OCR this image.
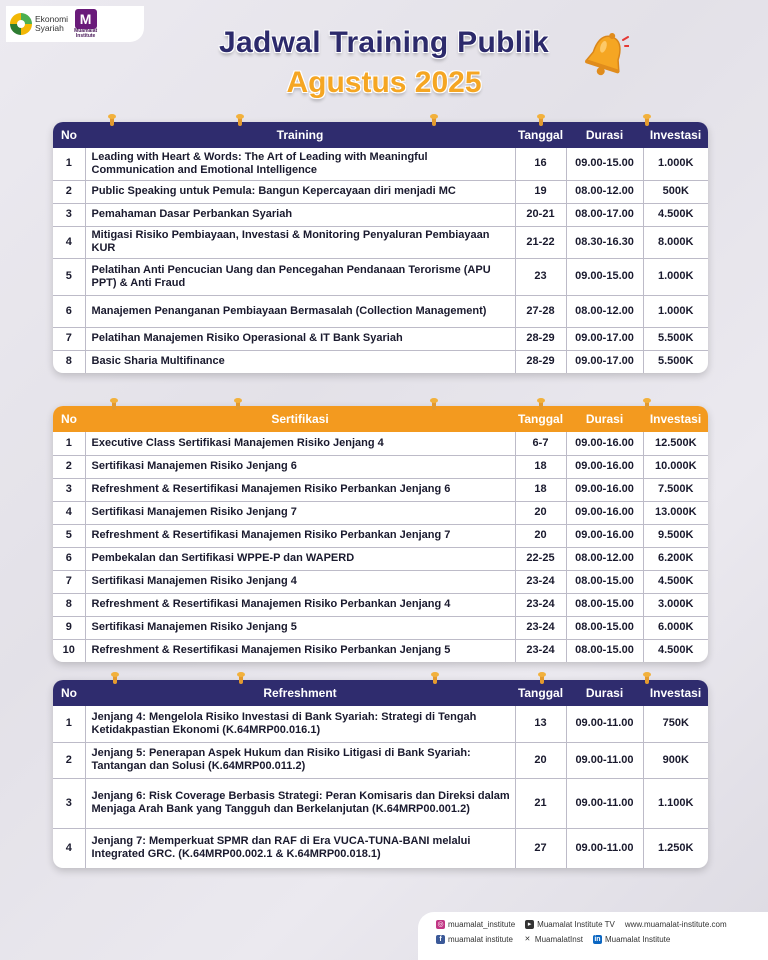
Ekonomi
Syariah
M
Muamalat
Institute	Jadwal Training Publik
Agustus 2025
No	Training	Tanggal	Durasi	Investasi
1	Leading with Heart & Words: The Art of Leading with Meaningful Communication and Emotional Intelligence	16	09.00-15.00	1.000K
2	Public Speaking untuk Pemula: Bangun Kepercayaan diri menjadi MC	19	08.00-12.00	500K
3	Pemahaman Dasar Perbankan Syariah	20-21	08.00-17.00	4.500K
4	Mitigasi Risiko Pembiayaan, Investasi & Monitoring Penyaluran Pembiayaan KUR	21-22	08.30-16.30	8.000K
5	Pelatihan Anti Pencucian Uang dan Pencegahan Pendanaan Terorisme (APU PPT) & Anti Fraud	23	09.00-15.00	1.000K
6	Manajemen Penanganan Pembiayaan Bermasalah (Collection Management)	27-28	08.00-12.00	1.000K
7	Pelatihan Manajemen Risiko Operasional & IT Bank Syariah	28-29	09.00-17.00	5.500K
8	Basic Sharia Multifinance	28-29	09.00-17.00	5.500K
No	Sertifikasi	Tanggal	Durasi	Investasi
1	Executive Class Sertifikasi Manajemen Risiko Jenjang 4	6-7	09.00-16.00	12.500K
2	Sertifikasi Manajemen Risiko Jenjang 6	18	09.00-16.00	10.000K
3	Refreshment & Resertifikasi Manajemen Risiko Perbankan Jenjang 6	18	09.00-16.00	7.500K
4	Sertifikasi Manajemen Risiko Jenjang 7	20	09.00-16.00	13.000K
5	Refreshment & Resertifikasi Manajemen Risiko Perbankan Jenjang 7	20	09.00-16.00	9.500K
6	Pembekalan dan Sertifikasi WPPE-P dan WAPERD	22-25	08.00-12.00	6.200K
7	Sertifikasi Manajemen Risiko Jenjang 4	23-24	08.00-15.00	4.500K
8	Refreshment & Resertifikasi Manajemen Risiko Perbankan Jenjang 4	23-24	08.00-15.00	3.000K
9	Sertifikasi Manajemen Risiko Jenjang 5	23-24	08.00-15.00	6.000K
10	Refreshment & Resertifikasi Manajemen Risiko Perbankan Jenjang 5	23-24	08.00-15.00	4.500K
No	Refreshment	Tanggal	Durasi	Investasi
1	Jenjang 4: Mengelola Risiko Investasi di Bank Syariah: Strategi di Tengah Ketidakpastian Ekonomi (K.64MRP00.016.1)	13	09.00-11.00	750K
2	Jenjang 5: Penerapan Aspek Hukum dan Risiko Litigasi di Bank Syariah: Tantangan dan Solusi (K.64MRP00.011.2)	20	09.00-11.00	900K
3	Jenjang 6: Risk Coverage Berbasis Strategi: Peran Komisaris dan Direksi dalam Menjaga Arah Bank yang Tangguh dan Berkelanjutan (K.64MRP00.001.2)	21	09.00-11.00	1.100K
4	Jenjang 7: Memperkuat SPMR dan RAF di Era VUCA-TUNA-BANI melalui Integrated GRC. (K.64MRP00.002.1 & K.64MRP00.018.1)	27	09.00-11.00	1.250K
◎ muamalat_institute	▸ Muamalat Institute TV www.muamalat-institute.com
f muamalat institute ✕ MuamalatInst in Muamalat Institute
